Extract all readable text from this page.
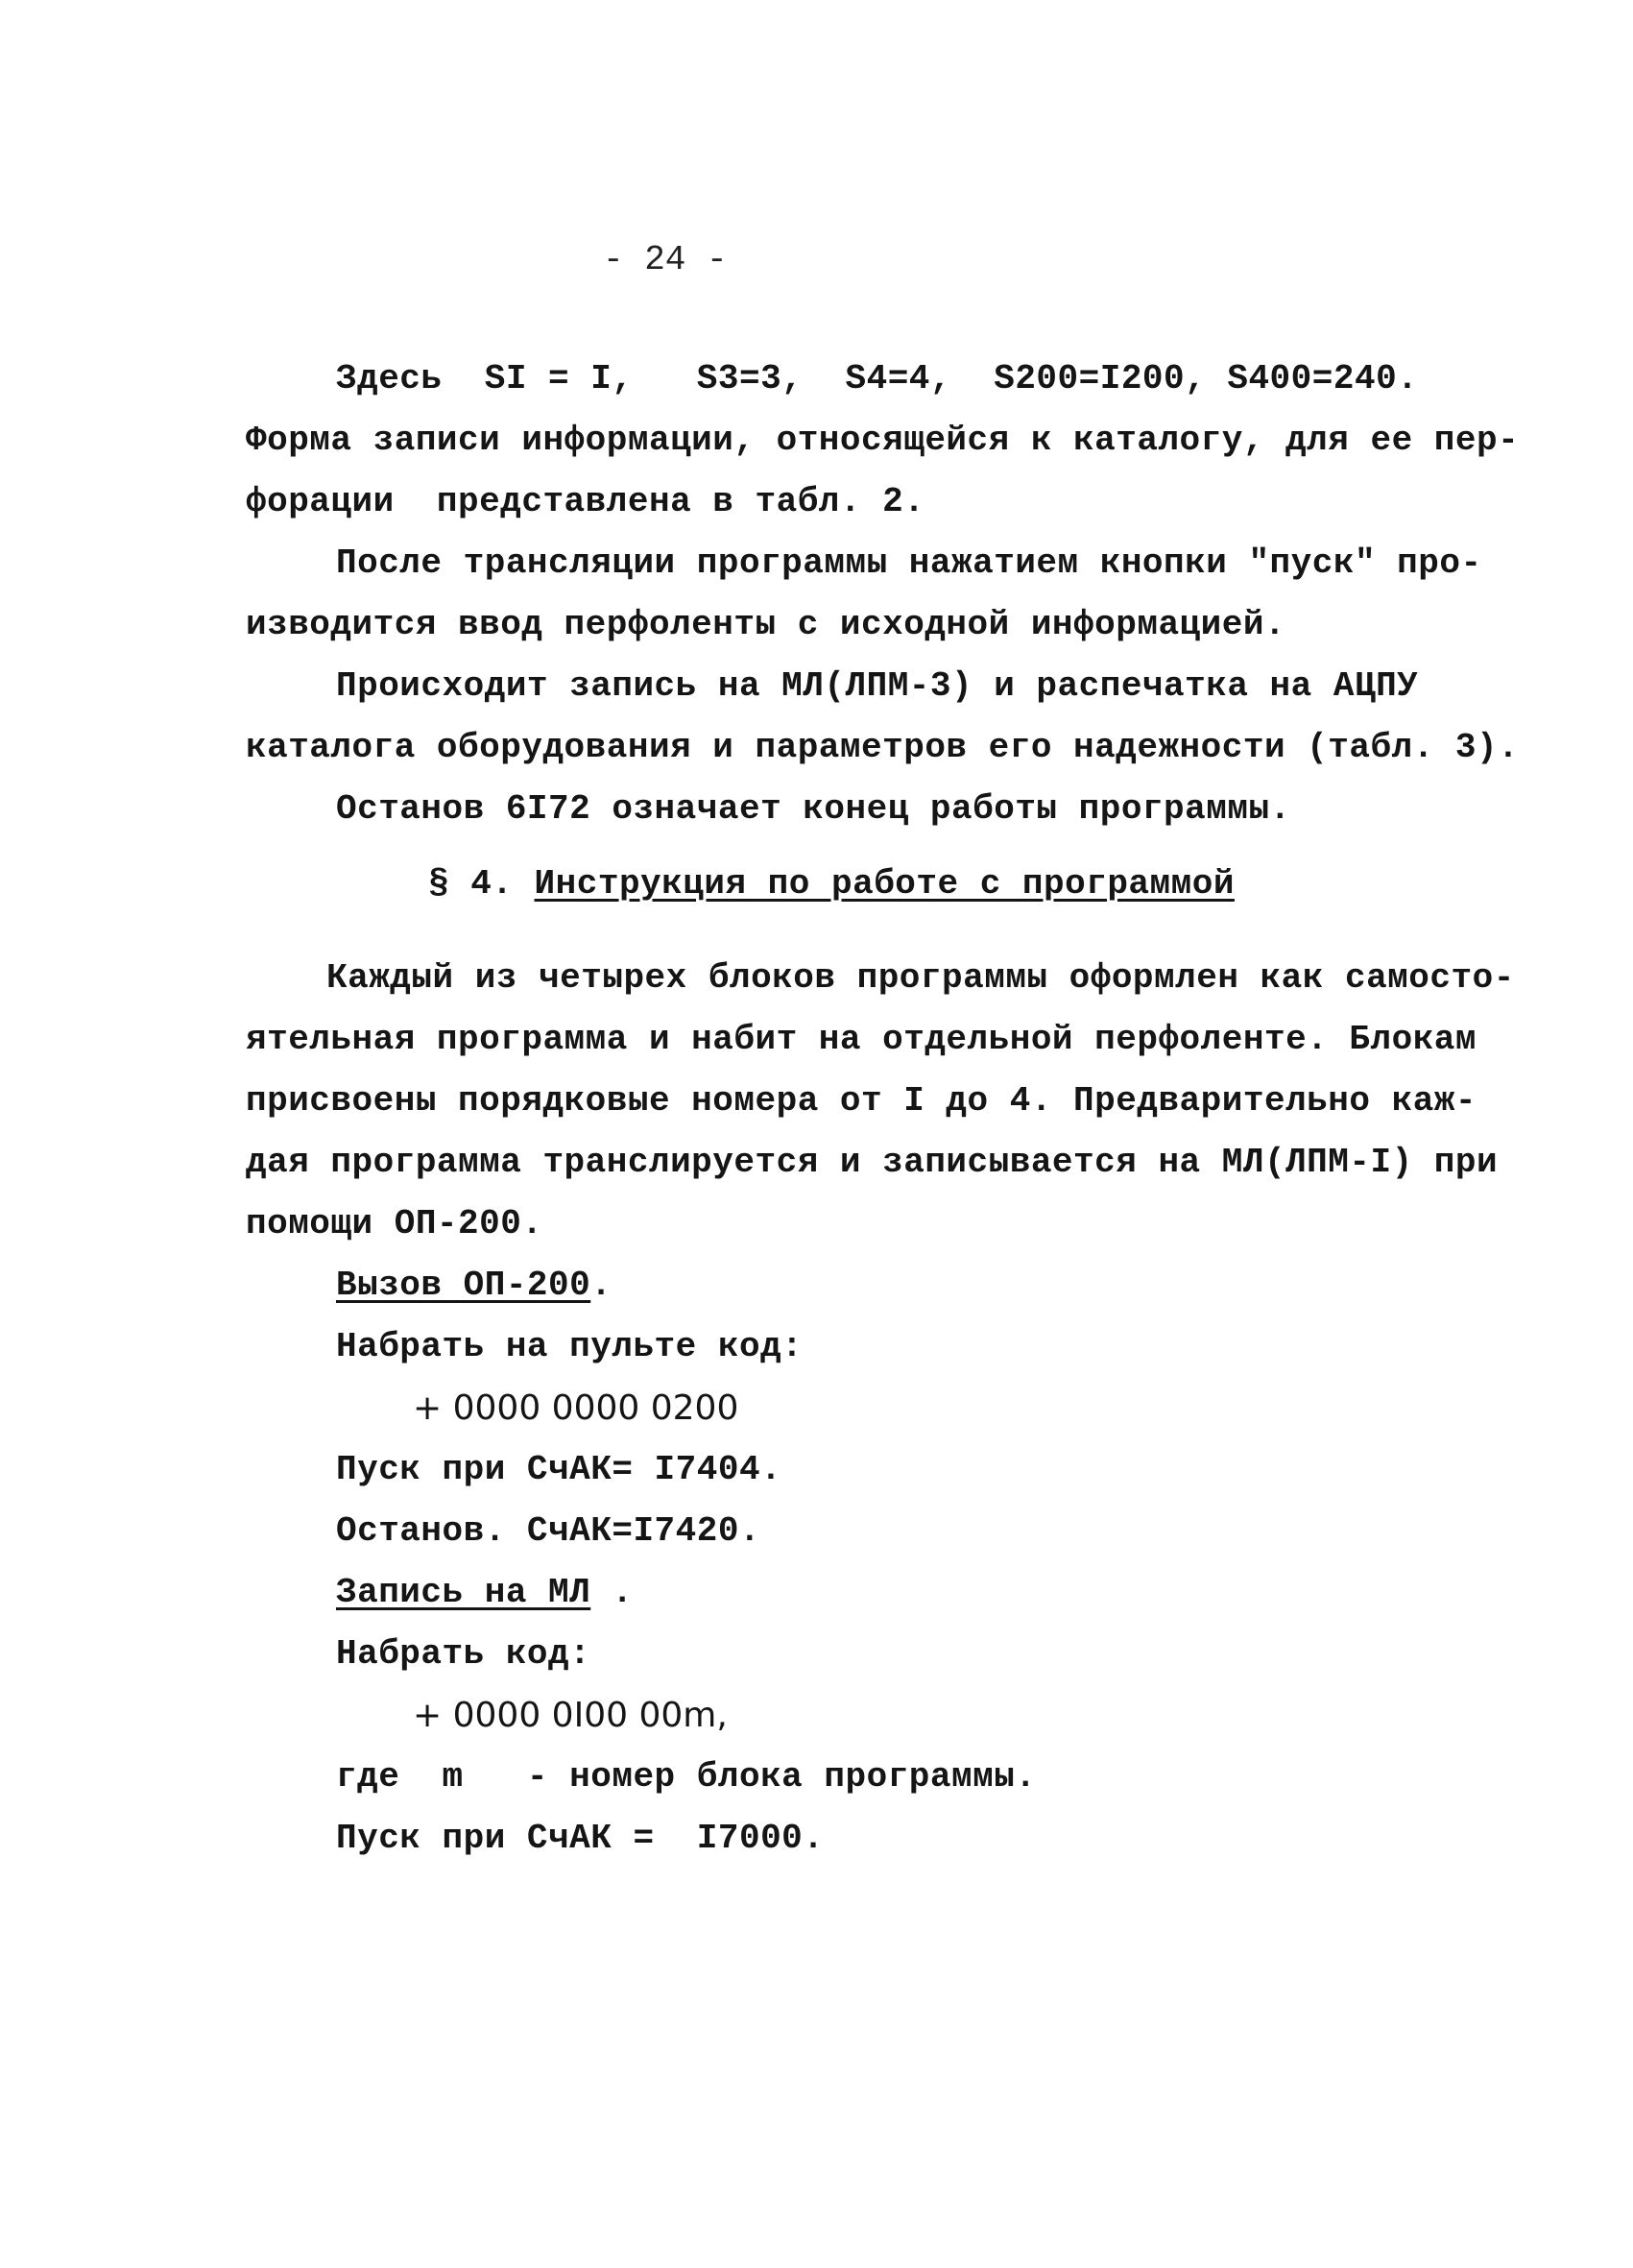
- 24 -
Здесь  SI = I,   S3=3,  S4=4,  S200=I200, S400=240.
Форма записи информации, относящейся к каталогу, для ее пер-
форации  представлена в табл. 2.
После трансляции программы нажатием кнопки "пуск" про-
изводится ввод перфоленты с исходной информацией.
Происходит запись на МЛ(ЛПМ-3) и распечатка на АЦПУ
каталога оборудования и параметров его надежности (табл. 3).
Останов 6I72 означает конец работы программы.
§ 4. Инструкция по работе с программой
Каждый из четырех блоков программы оформлен как самосто-
ятельная программа и набит на отдельной перфоленте. Блокам
присвоены порядковые номера от I до 4. Предварительно каж-
дая программа транслируется и записывается на МЛ(ЛПМ-I) при
помощи ОП-200.
Вызов ОП-200.
Набрать на пульте код:
+ 0000 0000 0200
Пуск при СчАК= I7404.
Останов. СчАК=I7420.
Запись на МЛ .
Набрать код:
+ 0000 0I00 00m,
где  m   - номер блока программы.
Пуск при СчАК =  I7000.
